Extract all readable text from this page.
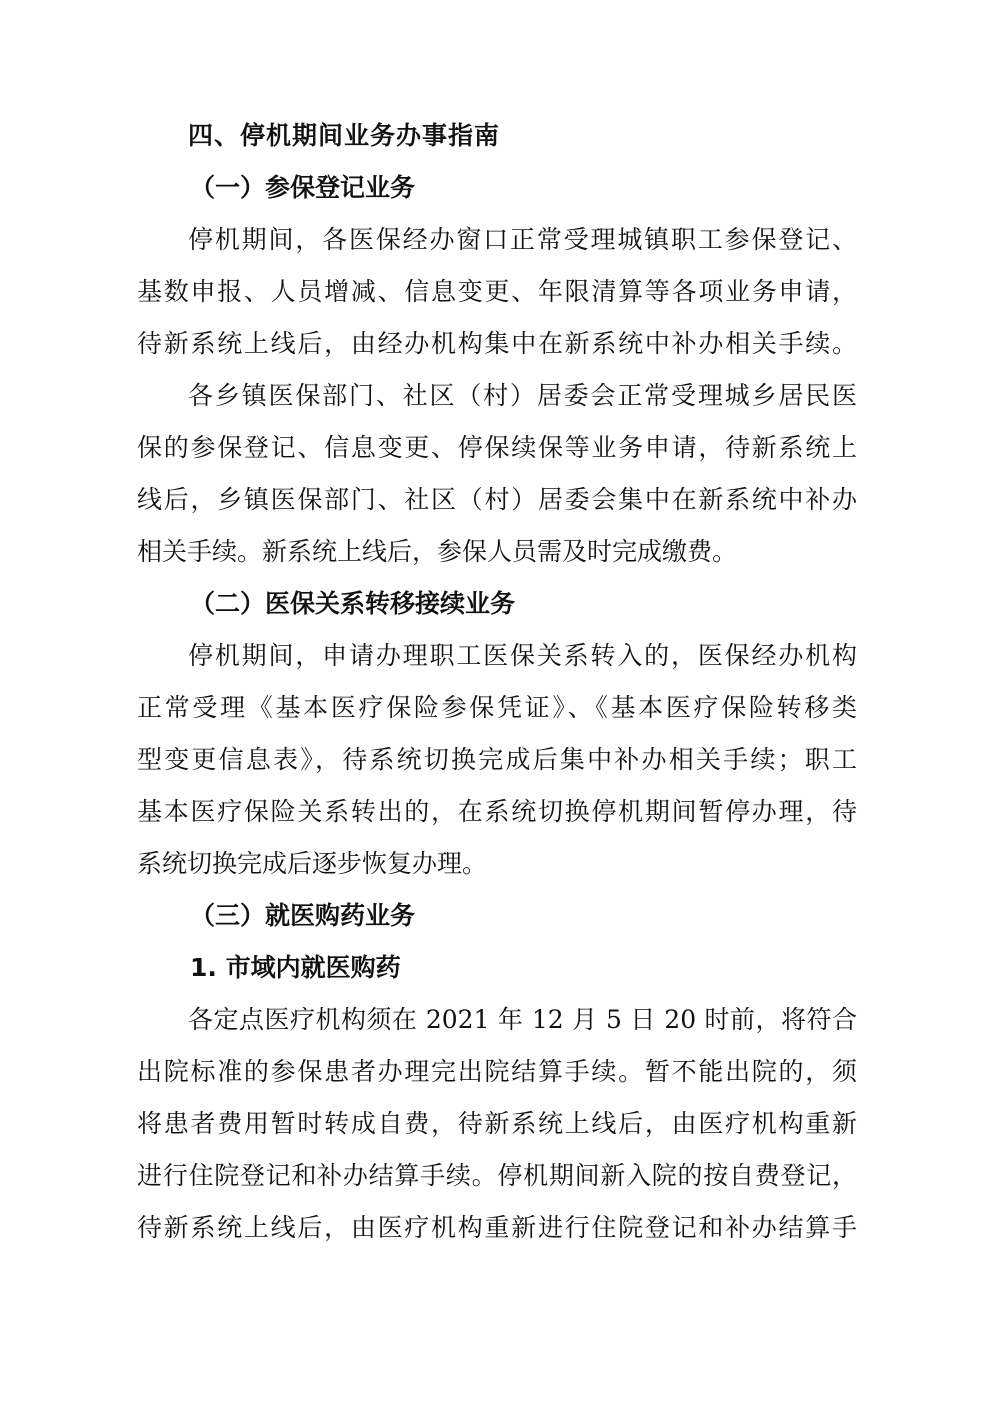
四、停机期间业务办事指南
（一）参保登记业务
停机期间，各医保经办窗口正常受理城镇职工参保登记、
基数申报、人员增减、信息变更、年限清算等各项业务申请，
待新系统上线后，由经办机构集中在新系统中补办相关手续。
各乡镇医保部门、社区（村）居委会正常受理城乡居民医
保的参保登记、信息变更、停保续保等业务申请，待新系统上
线后，乡镇医保部门、社区（村）居委会集中在新系统中补办
相关手续。新系统上线后，参保人员需及时完成缴费。
（二）医保关系转移接续业务
停机期间，申请办理职工医保关系转入的，医保经办机构
正常受理《基本医疗保险参保凭证》、《基本医疗保险转移类
型变更信息表》，待系统切换完成后集中补办相关手续；职工
基本医疗保险关系转出的，在系统切换停机期间暂停办理，待
系统切换完成后逐步恢复办理。
（三）就医购药业务
1. 市域内就医购药
各定点医疗机构须在 2021 年 12 月 5 日 20 时前，将符合
出院标准的参保患者办理完出院结算手续。暂不能出院的，须
将患者费用暂时转成自费，待新系统上线后，由医疗机构重新
进行住院登记和补办结算手续。停机期间新入院的按自费登记，
待新系统上线后，由医疗机构重新进行住院登记和补办结算手
